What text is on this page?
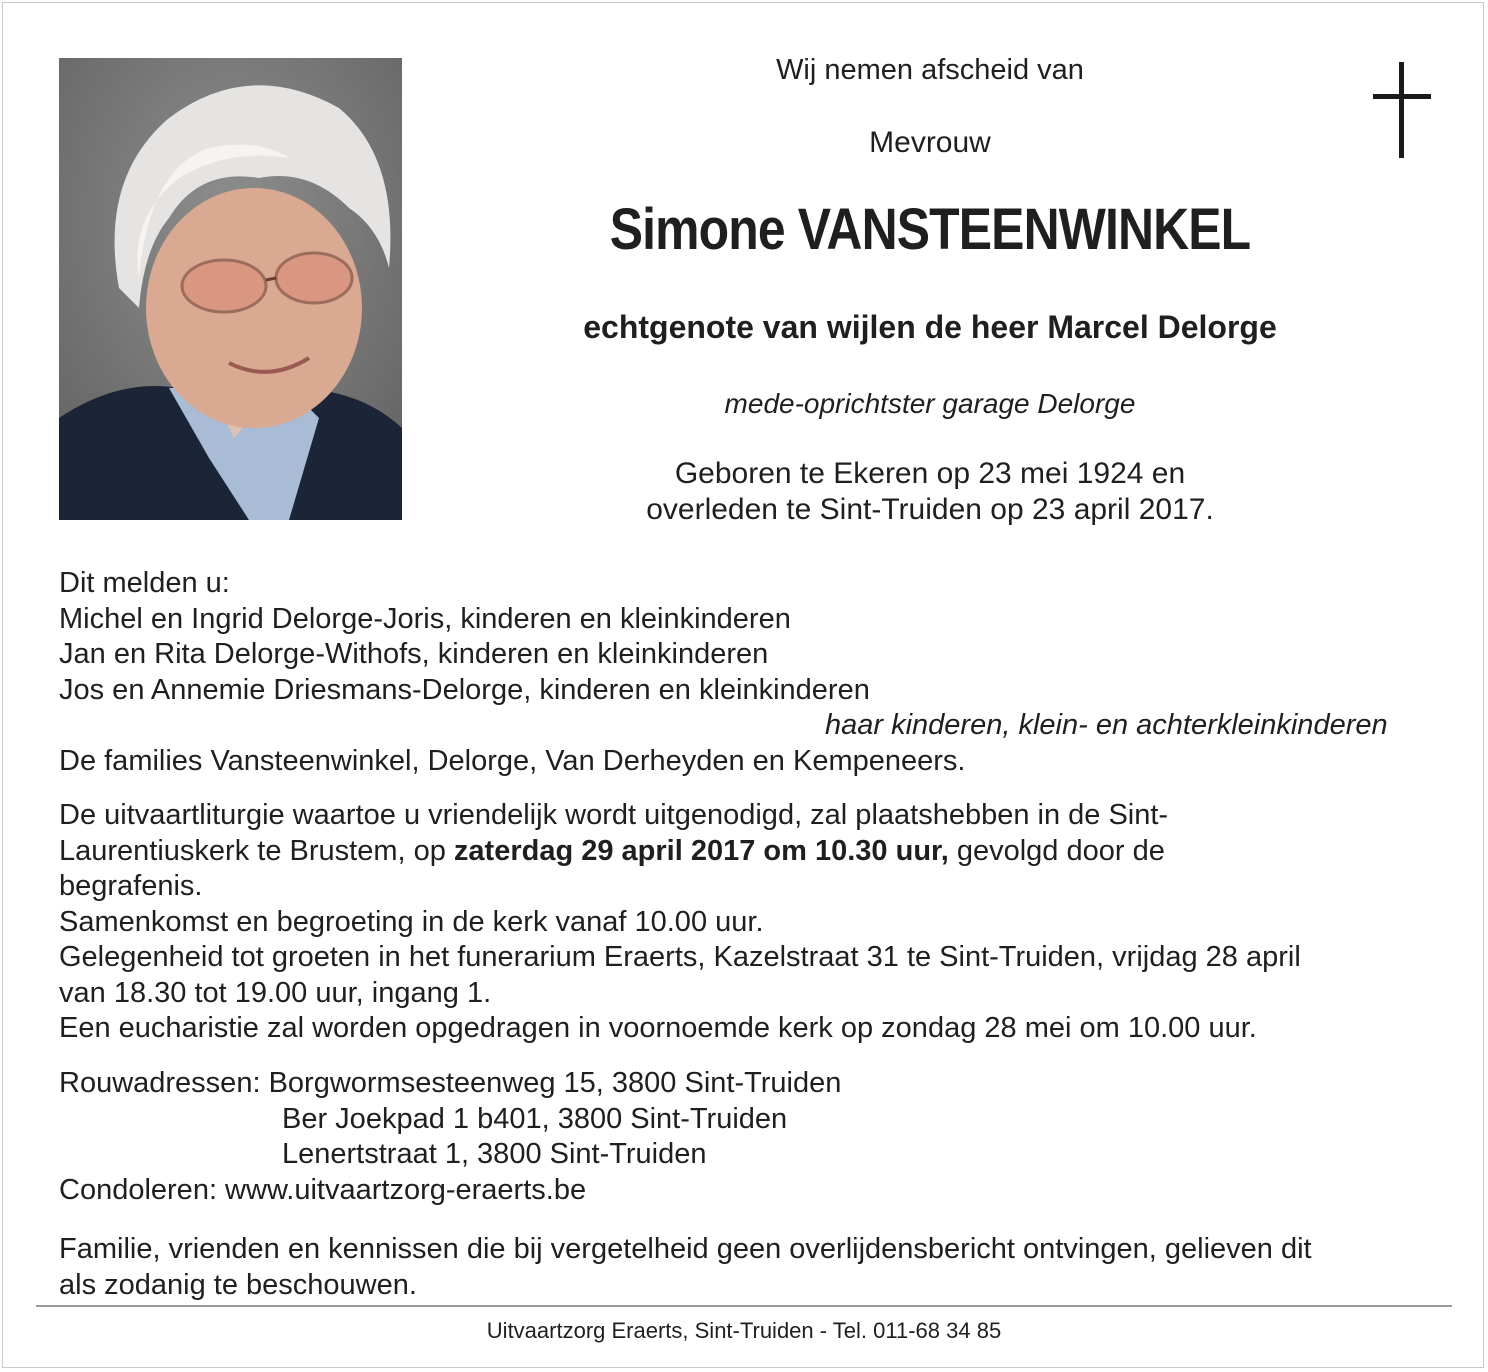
Wij nemen afscheid van
Mevrouw
Simone VANSTEENWINKEL
echtgenote van wijlen de heer Marcel Delorge
mede-oprichtster garage Delorge
Geboren te Ekeren op 23 mei 1924 en
overleden te Sint-Truiden op 23 april 2017.
Dit melden u:
Michel en Ingrid Delorge-Joris, kinderen en kleinkinderen
Jan en Rita Delorge-Withofs, kinderen en kleinkinderen
Jos en Annemie Driesmans-Delorge, kinderen en kleinkinderen
haar kinderen, klein- en achterkleinkinderen
De families Vansteenwinkel, Delorge, Van Derheyden en Kempeneers.
De uitvaartliturgie waartoe u vriendelijk wordt uitgenodigd, zal plaatshebben in de Sint-
Laurentiuskerk te Brustem, op zaterdag 29 april 2017 om 10.30 uur, gevolgd door de
begrafenis.
Samenkomst en begroeting in de kerk vanaf 10.00 uur.
Gelegenheid tot groeten in het funerarium Eraerts, Kazelstraat 31 te Sint-Truiden, vrijdag 28 april
van 18.30 tot 19.00 uur, ingang 1.
Een eucharistie zal worden opgedragen in voornoemde kerk op zondag 28 mei om 10.00 uur.
Rouwadressen: Borgwormsesteenweg 15, 3800 Sint-Truiden
Ber Joekpad 1 b401, 3800 Sint-Truiden
Lenertstraat 1, 3800 Sint-Truiden
Condoleren: www.uitvaartzorg-eraerts.be
Familie, vrienden en kennissen die bij vergetelheid geen overlijdensbericht ontvingen, gelieven dit
als zodanig te beschouwen.
Uitvaartzorg Eraerts, Sint-Truiden - Tel. 011-68 34 85
